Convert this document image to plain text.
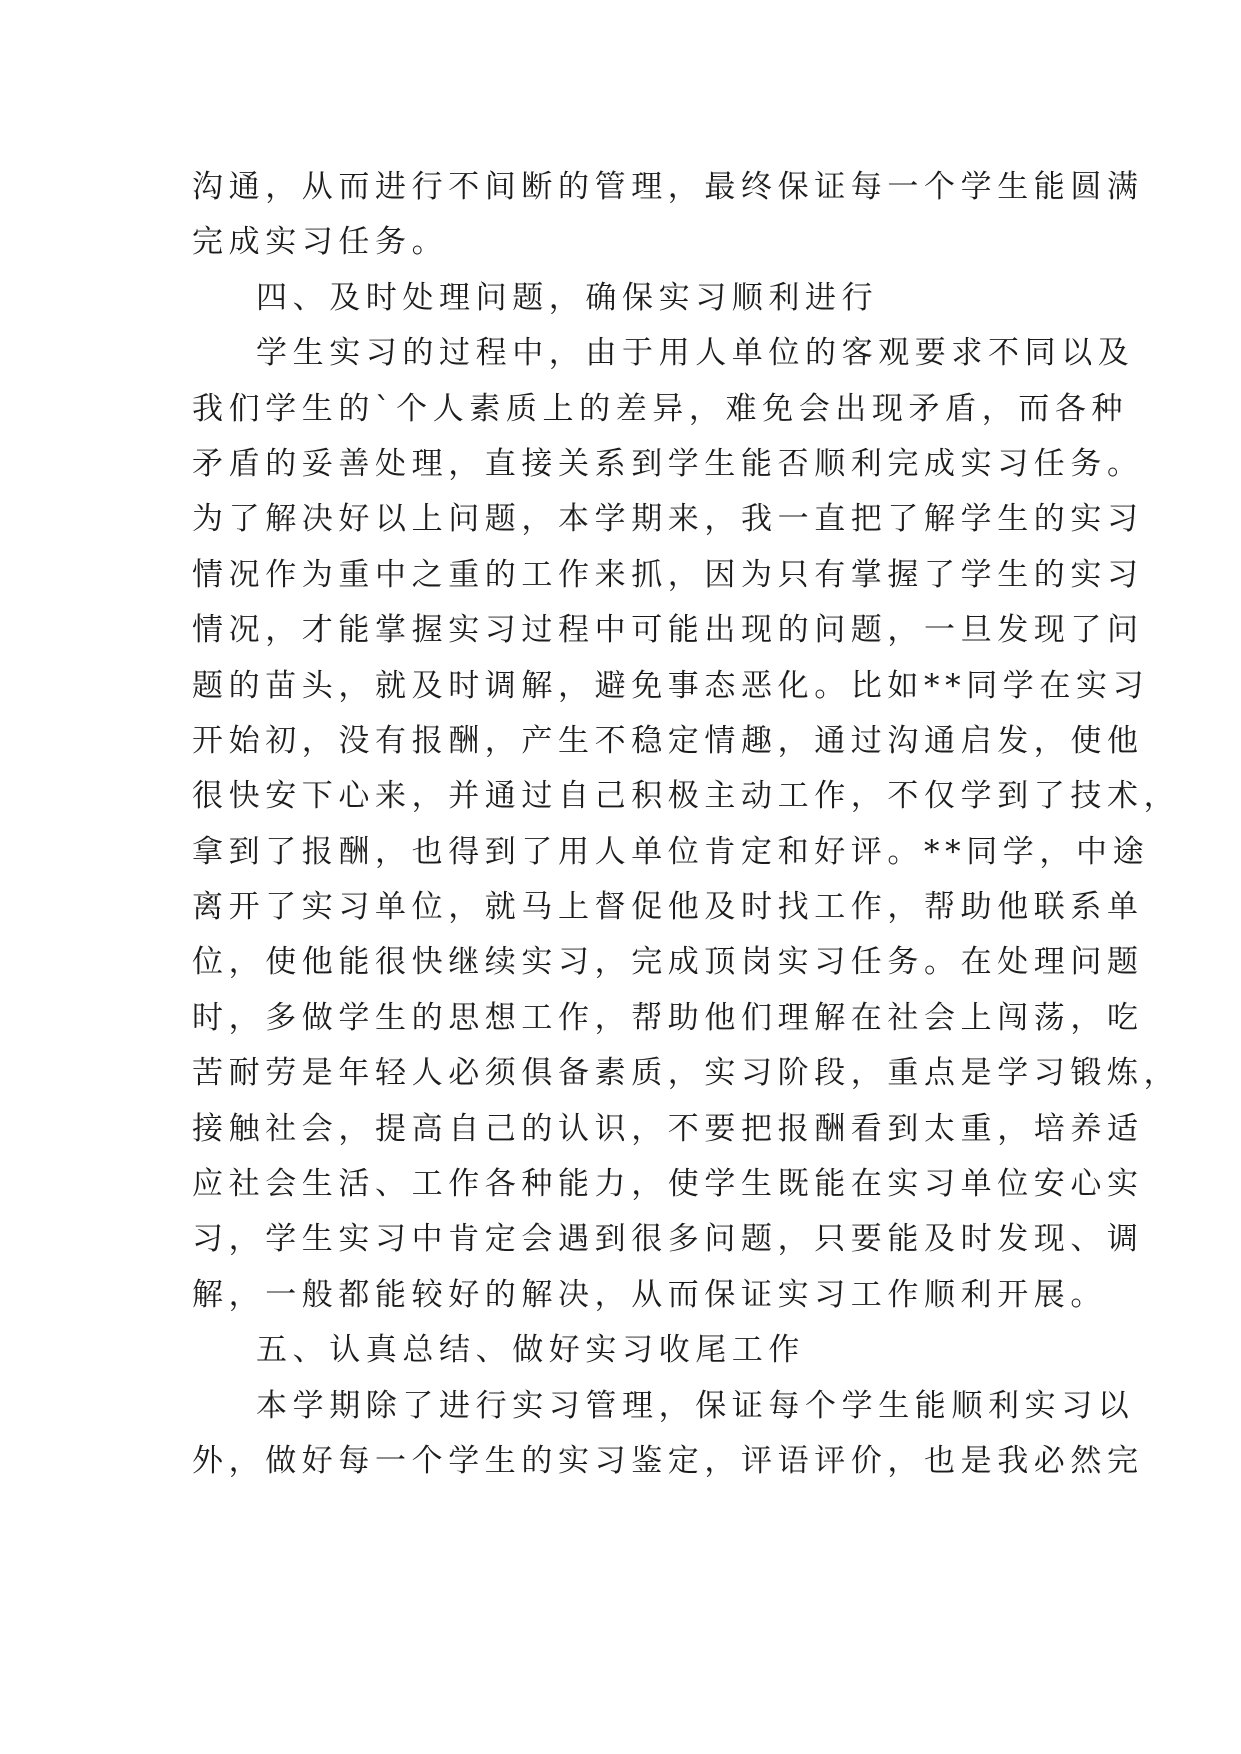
沟通，从而进行不间断的管理，最终保证每一个学生能圆满
完成实习任务。
四、及时处理问题，确保实习顺利进行
学生实习的过程中，由于用人单位的客观要求不同以及
我们学生的`个人素质上的差异，难免会出现矛盾，而各种
矛盾的妥善处理，直接关系到学生能否顺利完成实习任务。
为了解决好以上问题，本学期来，我一直把了解学生的实习
情况作为重中之重的工作来抓，因为只有掌握了学生的实习
情况，才能掌握实习过程中可能出现的问题，一旦发现了问
题的苗头，就及时调解，避免事态恶化。比如**同学在实习
开始初，没有报酬，产生不稳定情趣，通过沟通启发，使他
很快安下心来，并通过自己积极主动工作，不仅学到了技术，
拿到了报酬，也得到了用人单位肯定和好评。**同学，中途
离开了实习单位，就马上督促他及时找工作，帮助他联系单
位，使他能很快继续实习，完成顶岗实习任务。在处理问题
时，多做学生的思想工作，帮助他们理解在社会上闯荡，吃
苦耐劳是年轻人必须俱备素质，实习阶段，重点是学习锻炼，
接触社会，提高自己的认识，不要把报酬看到太重，培养适
应社会生活、工作各种能力，使学生既能在实习单位安心实
习，学生实习中肯定会遇到很多问题，只要能及时发现、调
解，一般都能较好的解决，从而保证实习工作顺利开展。
五、认真总结、做好实习收尾工作
本学期除了进行实习管理，保证每个学生能顺利实习以
外，做好每一个学生的实习鉴定，评语评价，也是我必然完
